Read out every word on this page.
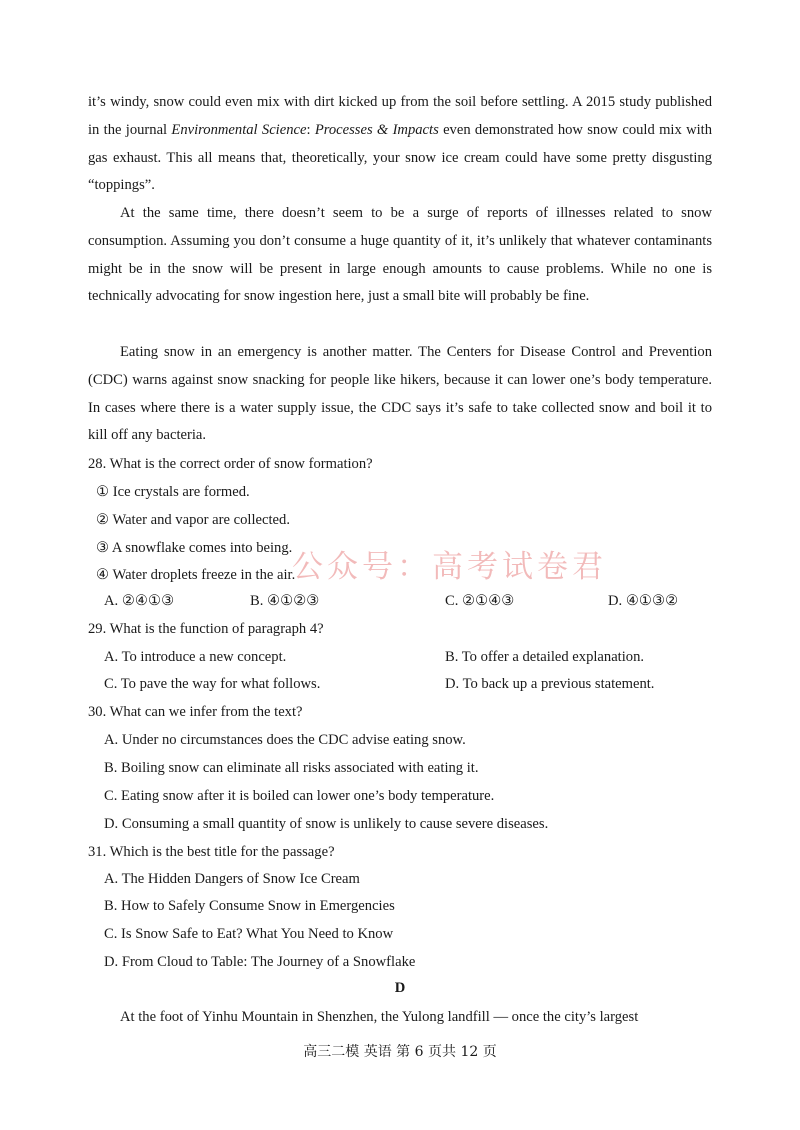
it’s windy, snow could even mix with dirt kicked up from the soil before settling. A 2015 study published in the journal Environmental Science: Processes & Impacts even demonstrated how snow could mix with gas exhaust. This all means that, theoretically, your snow ice cream could have some pretty disgusting “toppings”.

At the same time, there doesn’t seem to be a surge of reports of illnesses related to snow consumption. Assuming you don’t consume a huge quantity of it, it’s unlikely that whatever contaminants might be in the snow will be present in large enough amounts to cause problems. While no one is technically advocating for snow ingestion here, just a small bite will probably be fine.

Eating snow in an emergency is another matter. The Centers for Disease Control and Prevention (CDC) warns against snow snacking for people like hikers, because it can lower one’s body temperature. In cases where there is a water supply issue, the CDC says it’s safe to take collected snow and boil it to kill off any bacteria.

28. What is the correct order of snow formation?

① Ice crystals are formed.

② Water and vapor are collected.

③ A snowflake comes into being.

④ Water droplets freeze in the air.

A. ②④①③	B. ④①②③	C. ②①④③	D. ④①③②

29. What is the function of paragraph 4?

A. To introduce a new concept.	B. To offer a detailed explanation.

C. To pave the way for what follows.	D. To back up a previous statement.

30. What can we infer from the text?

A. Under no circumstances does the CDC advise eating snow.

B. Boiling snow can eliminate all risks associated with eating it.

C. Eating snow after it is boiled can lower one’s body temperature.

D. Consuming a small quantity of snow is unlikely to cause severe diseases.

31. Which is the best title for the passage?

A. The Hidden Dangers of Snow Ice Cream

B. How to Safely Consume Snow in Emergencies

C. Is Snow Safe to Eat? What You Need to Know

D. From Cloud to Table: The Journey of a Snowflake

D

At the foot of Yinhu Mountain in Shenzhen, the Yulong landfill — once the city’s largest

公众号：高考试卷君
高三二模 英语 第 6 页共 12 页
